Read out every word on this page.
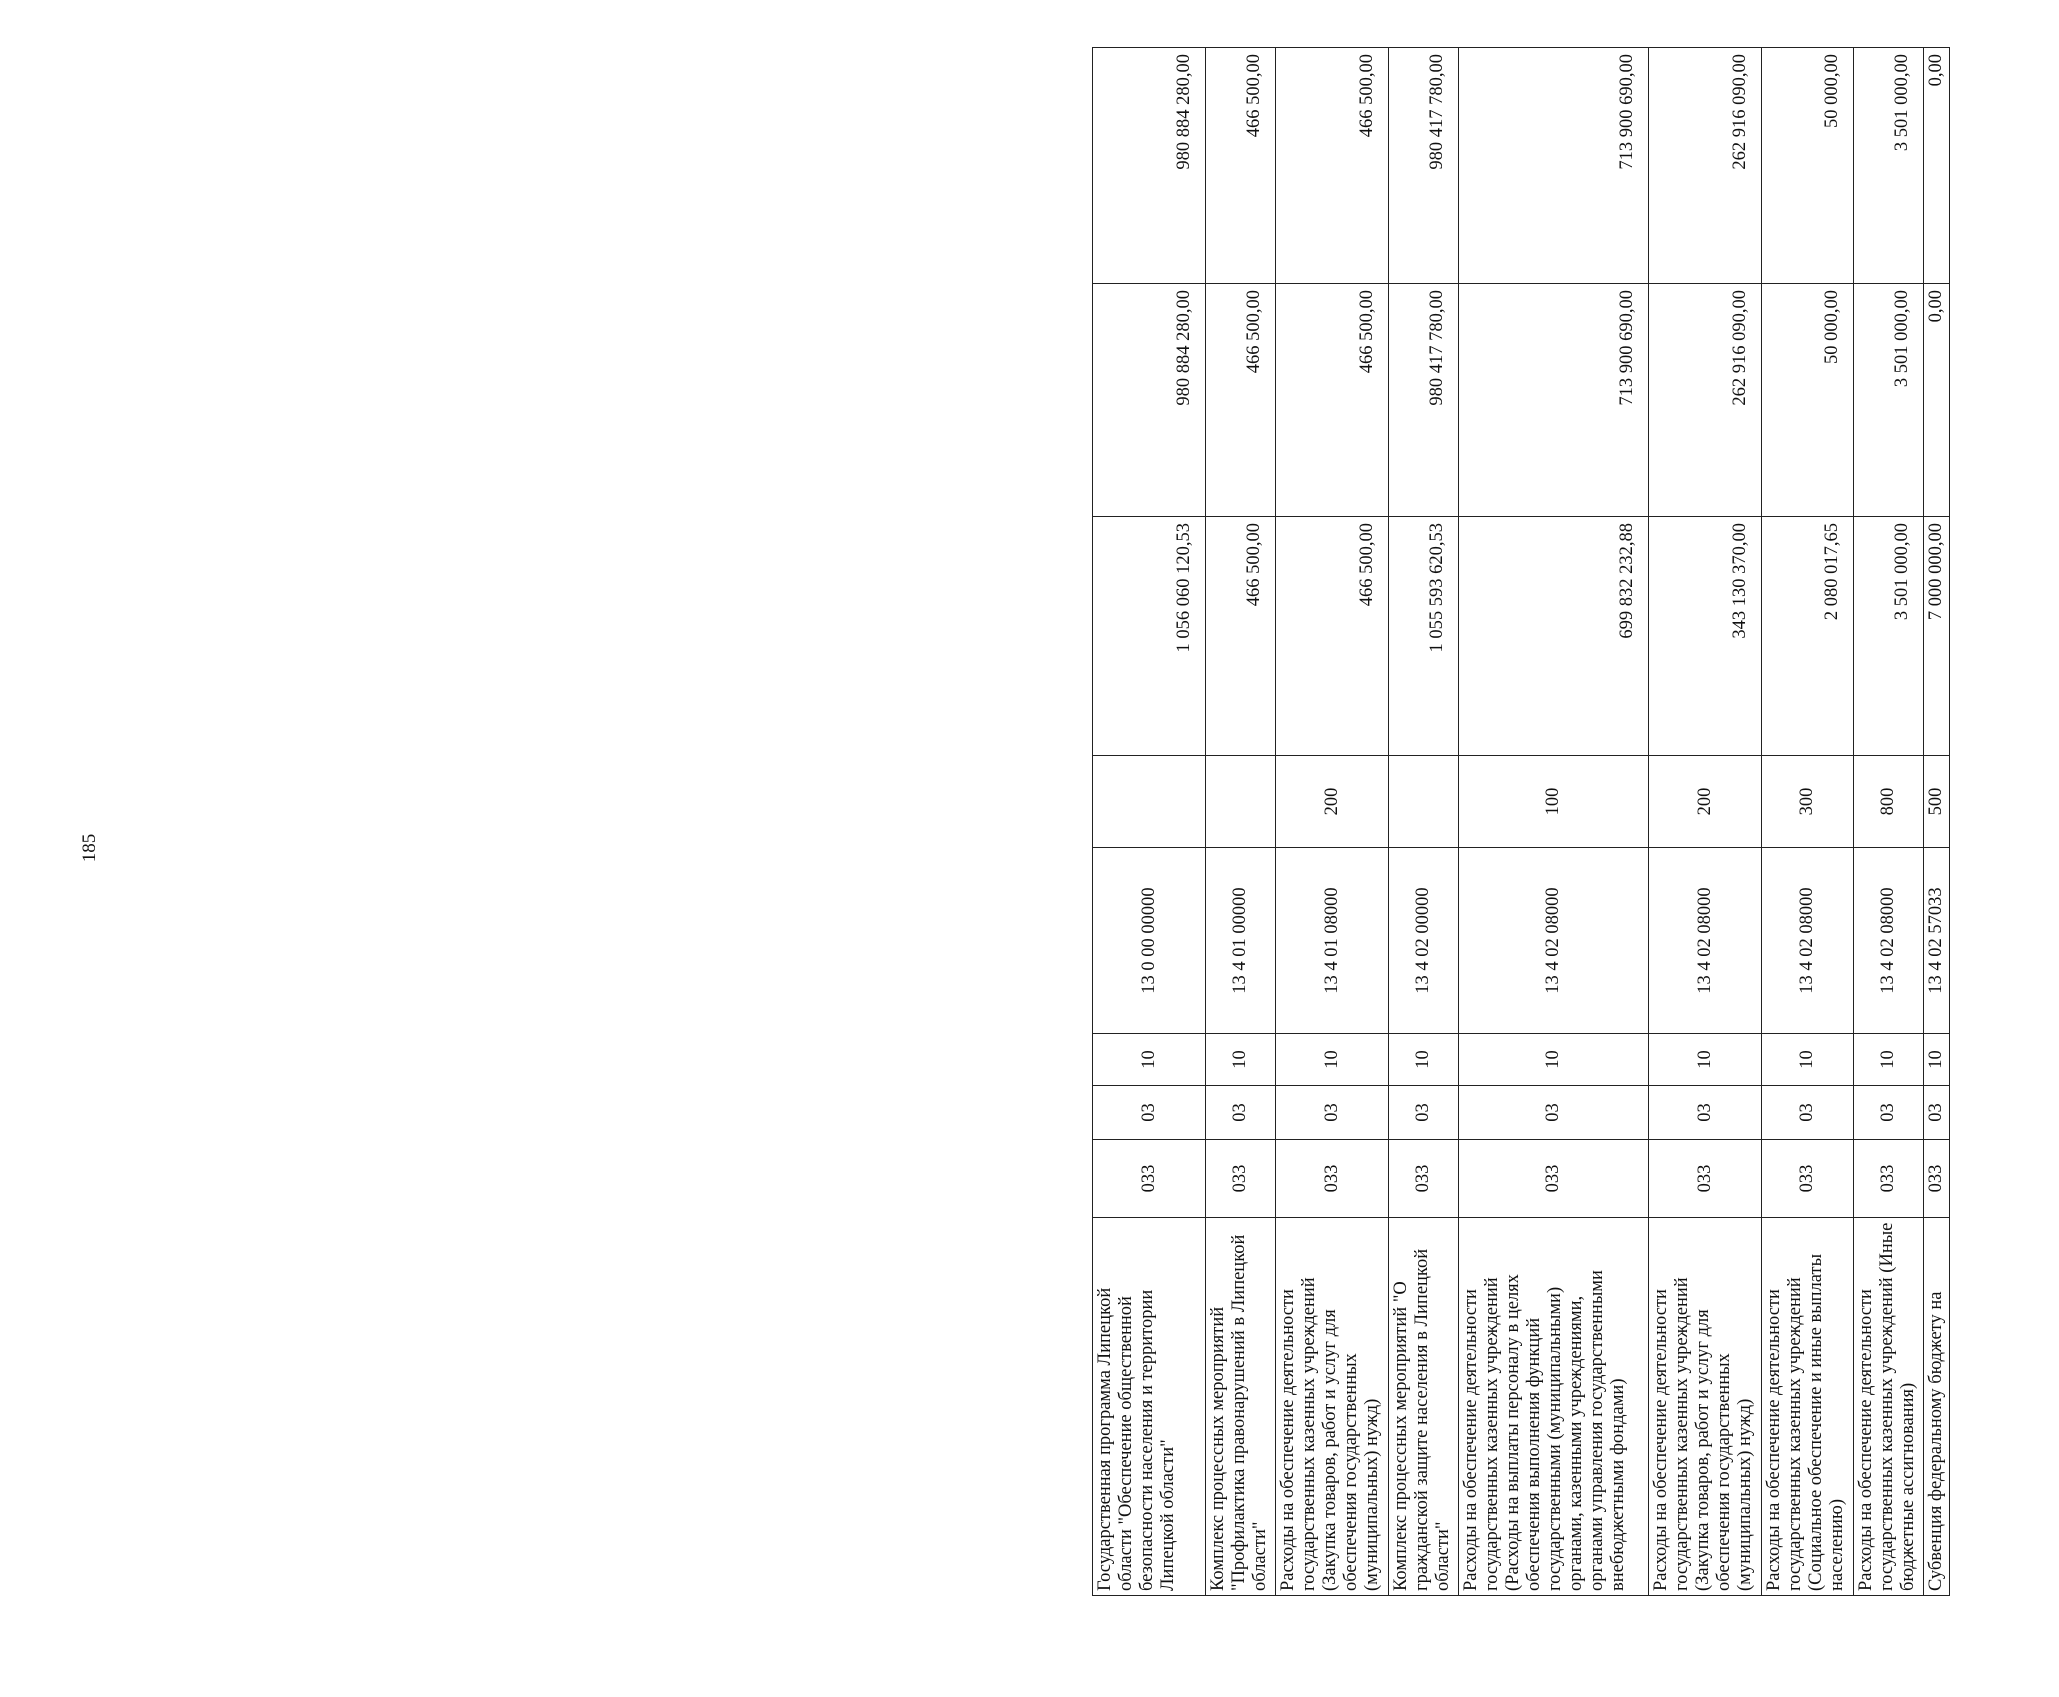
185
Государственная программа Липецкой области "Обеспечение общественной безопасности населения и территории Липецкой области"	033	03	10	13 0 00 00000		1 056 060 120,53	980 884 280,00	980 884 280,00
Комплекс процессных мероприятий "Профилактика правонарушений в Липецкой области"	033	03	10	13 4 01 00000		466 500,00	466 500,00	466 500,00
Расходы на обеспечение деятельности государственных казенных учреждений (Закупка товаров, работ и услуг для обеспечения государственных (муниципальных) нужд)	033	03	10	13 4 01 08000	200	466 500,00	466 500,00	466 500,00
Комплекс процессных мероприятий "О гражданской защите населения в Липецкой области"	033	03	10	13 4 02 00000		1 055 593 620,53	980 417 780,00	980 417 780,00
Расходы на обеспечение деятельности государственных казенных учреждений (Расходы на выплаты персоналу в целях обеспечения выполнения функций государственными (муниципальными) органами, казенными учреждениями, органами управления государственными внебюджетными фондами)	033	03	10	13 4 02 08000	100	699 832 232,88	713 900 690,00	713 900 690,00
Расходы на обеспечение деятельности государственных казенных учреждений (Закупка товаров, работ и услуг для обеспечения государственных (муниципальных) нужд)	033	03	10	13 4 02 08000	200	343 130 370,00	262 916 090,00	262 916 090,00
Расходы на обеспечение деятельности государственных казенных учреждений (Социальное обеспечение и иные выплаты населению)	033	03	10	13 4 02 08000	300	2 080 017,65	50 000,00	50 000,00
Расходы на обеспечение деятельности государственных казенных учреждений (Иные бюджетные ассигнования)	033	03	10	13 4 02 08000	800	3 501 000,00	3 501 000,00	3 501 000,00
Субвенция федеральному бюджету на	033	03	10	13 4 02 57033	500	7 000 000,00	0,00	0,00
